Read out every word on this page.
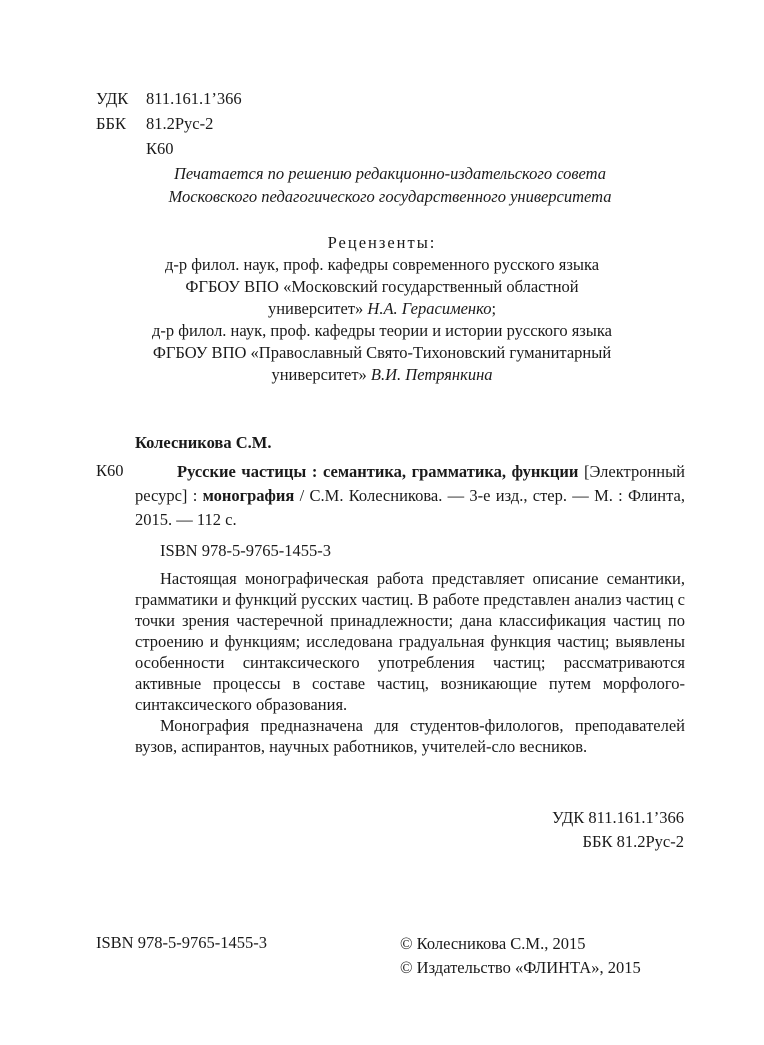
УДК	811.161.1’366
ББК	81.2Рус-2
К60
Печатается по решению редакционно-издательского совета
Московского педагогического государственного университета
Рецензенты:
д-р филол. наук, проф. кафедры современного русского языка
ФГБОУ ВПО «Московский государственный областной
университет» Н.А. Герасименко;
д-р филол. наук, проф. кафедры теории и истории русского языка
ФГБОУ ВПО «Православный Свято-Тихоновский гуманитарный
университет» В.И. Петрянкина
Колесникова С.М.
К60	Русские частицы : семантика, грамматика, функции [Электронный ресурс] : монография / С.М. Колесникова. — 3-е изд., стер. — М. : Флинта, 2015. — 112 с.
ISBN 978-5-9765-1455-3

Настоящая монографическая работа представляет описание семантики, грамматики и функций русских частиц. В работе представлен анализ частиц с точки зрения частеречной принадлежности; дана классификация частиц по строению и функциям; исследована градуальная функция частиц; выявлены особенности синтаксического употребления частиц; рассматриваются активные процессы в составе частиц, возникающие путем морфолого-синтаксического образования.

Монография предназначена для студентов-филологов, преподавателей вузов, аспирантов, научных работников, учителей-сло весников.

УДК 811.161.1’366
ББК 81.2Рус-2
ISBN 978-5-9765-1455-3	© Колесникова С.М., 2015
© Издательство «ФЛИНТА», 2015
